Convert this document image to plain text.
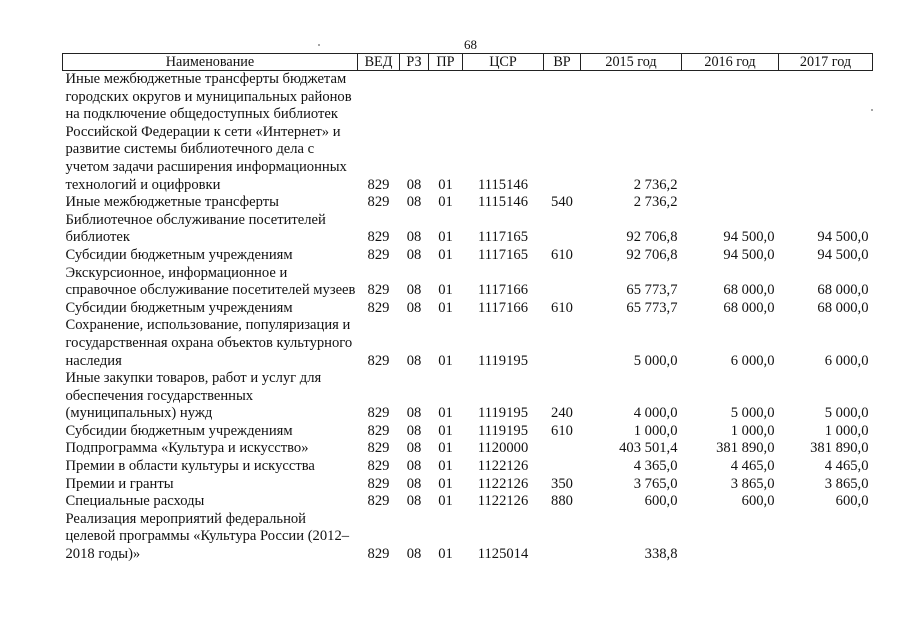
68
Наименование	ВЕД	РЗ	ПР	ЦСР	ВР	2015 год	2016 год	2017 год
Иные межбюджетные трансферты бюджетам городских округов и муниципальных районов на подключение общедоступных библиотек Российской Федерации к сети «Интернет» и развитие системы библиотечного дела с учетом задачи расширения информационных технологий и оцифровки	829	08	01	1115146		2 736,2		
Иные межбюджетные трансферты	829	08	01	1115146	540	2 736,2		
Библиотечное обслуживание посетителей библиотек	829	08	01	1117165		92 706,8	94 500,0	94 500,0
Субсидии бюджетным учреждениям	829	08	01	1117165	610	92 706,8	94 500,0	94 500,0
Экскурсионное, информационное и справочное обслуживание посетителей музеев	829	08	01	1117166		65 773,7	68 000,0	68 000,0
Субсидии бюджетным учреждениям	829	08	01	1117166	610	65 773,7	68 000,0	68 000,0
Сохранение, использование, популяризация и государственная охрана объектов культурного наследия	829	08	01	1119195		5 000,0	6 000,0	6 000,0
Иные закупки товаров, работ и услуг для обеспечения государственных (муниципальных) нужд	829	08	01	1119195	240	4 000,0	5 000,0	5 000,0
Субсидии бюджетным учреждениям	829	08	01	1119195	610	1 000,0	1 000,0	1 000,0
Подпрограмма «Культура и искусство»	829	08	01	1120000		403 501,4	381 890,0	381 890,0
Премии в области культуры и искусства	829	08	01	1122126		4 365,0	4 465,0	4 465,0
Премии и гранты	829	08	01	1122126	350	3 765,0	3 865,0	3 865,0
Специальные расходы	829	08	01	1122126	880	600,0	600,0	600,0
Реализация мероприятий федеральной целевой программы «Культура России (2012–2018 годы)»	829	08	01	1125014		338,8		
